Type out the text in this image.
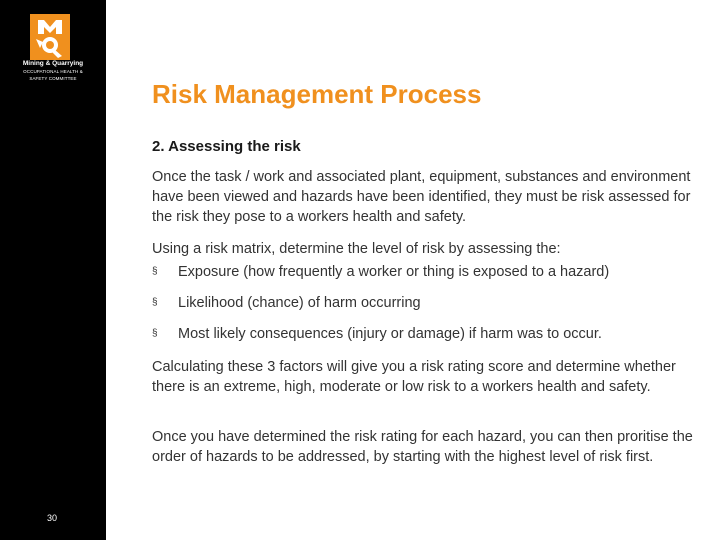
Mining & Quarrying
OCCUPATIONAL HEALTH &
SAFETY COMMITTEE
30
Risk Management Process
2. Assessing the risk

Once the task / work and associated plant, equipment, substances and environment have been viewed and hazards have been identified, they must be risk assessed for the risk they pose to a workers health and safety.

Using a risk matrix, determine the level of risk by assessing the:

§ Exposure (how frequently a worker or thing is exposed to a hazard)
§ Likelihood (chance) of harm occurring
§ Most likely consequences (injury or damage) if harm was to occur.

Calculating these 3 factors will give you a risk rating score and determine whether there is an extreme, high, moderate or low risk to a workers health and safety.

Once you have determined the risk rating for each hazard, you can then proritise the order of hazards to be addressed, by starting with the highest level of risk first.
